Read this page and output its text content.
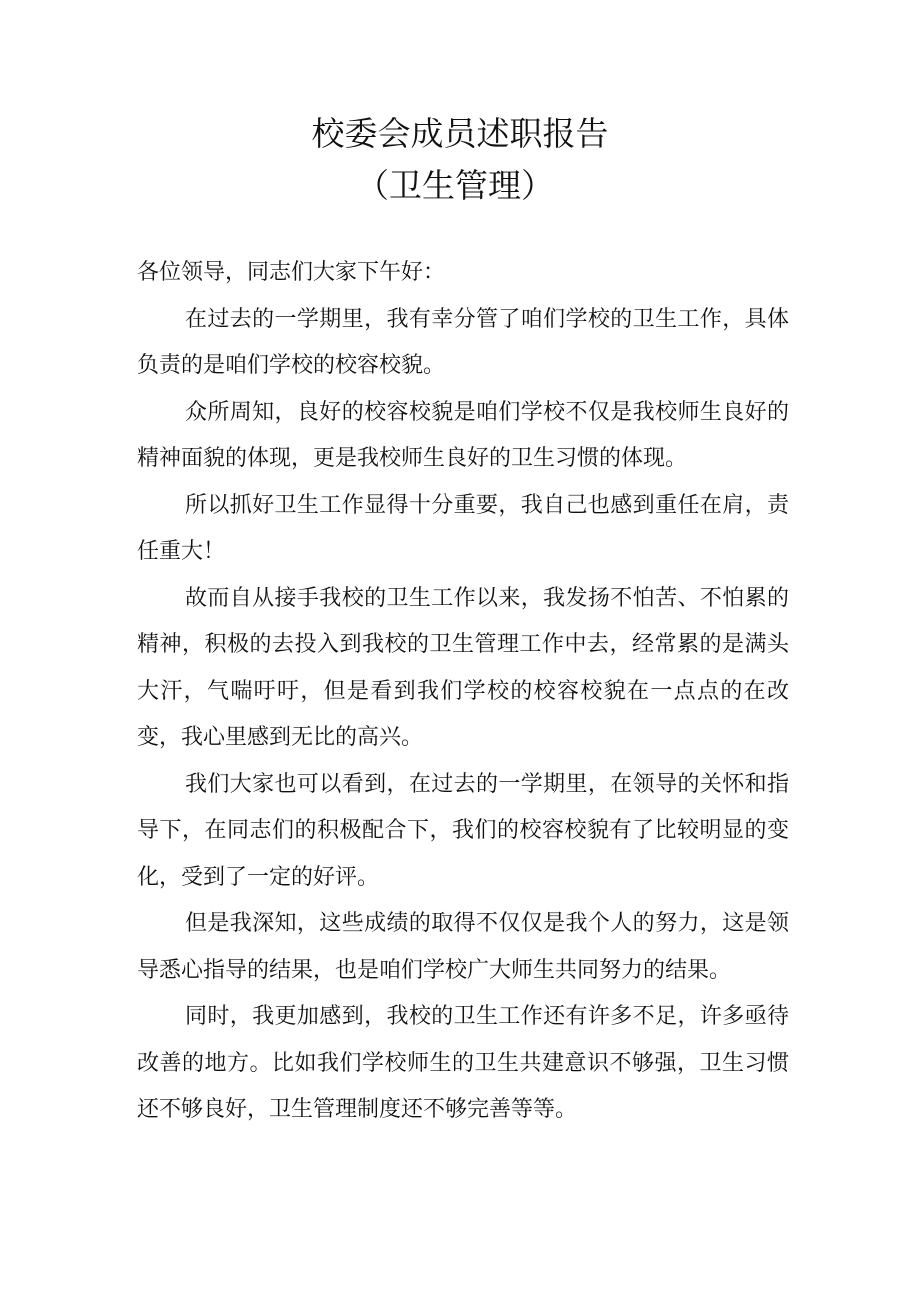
校委会成员述职报告
（卫生管理）

各位领导，同志们大家下午好：

在过去的一学期里，我有幸分管了咱们学校的卫生工作，具体负责的是咱们学校的校容校貌。

众所周知，良好的校容校貌是咱们学校不仅是我校师生良好的精神面貌的体现，更是我校师生良好的卫生习惯的体现。

所以抓好卫生工作显得十分重要，我自己也感到重任在肩，责任重大！

故而自从接手我校的卫生工作以来，我发扬不怕苦、不怕累的精神，积极的去投入到我校的卫生管理工作中去，经常累的是满头大汗，气喘吁吁，但是看到我们学校的校容校貌在一点点的在改变，我心里感到无比的高兴。

我们大家也可以看到，在过去的一学期里，在领导的关怀和指导下，在同志们的积极配合下，我们的校容校貌有了比较明显的变化，受到了一定的好评。

但是我深知，这些成绩的取得不仅仅是我个人的努力，这是领导悉心指导的结果，也是咱们学校广大师生共同努力的结果。

同时，我更加感到，我校的卫生工作还有许多不足，许多亟待改善的地方。比如我们学校师生的卫生共建意识不够强，卫生习惯还不够良好，卫生管理制度还不够完善等等。
